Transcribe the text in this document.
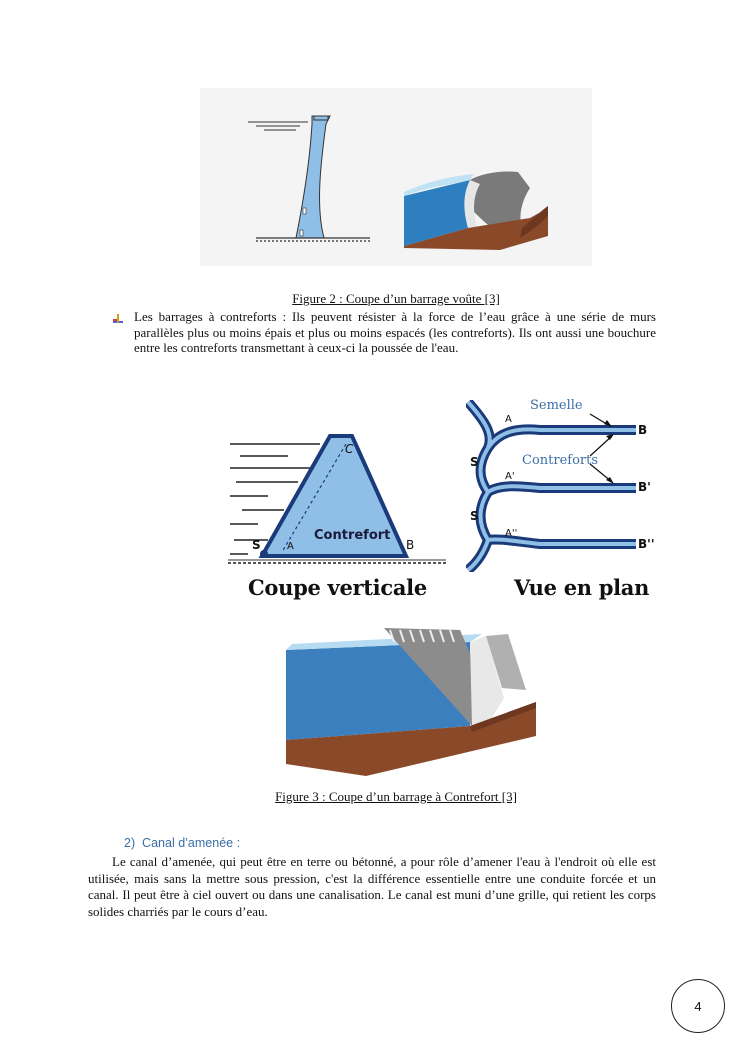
Figure 2 : Coupe d’un barrage voûte [3]
Les barrages à contreforts : Ils peuvent résister à la force de l’eau grâce à une série de murs parallèles plus ou moins épais et plus ou moins espacés (les contreforts). Ils ont aussi une bouchure entre les contreforts transmettant à ceux-ci la poussée de l'eau.
C
Contrefort
S	A	B
Coupe verticale
Semelle
Contreforts
A
A'
A''
S
S
B
B'
B''
Vue en plan
Figure 3 : Coupe d’un barrage à Contrefort [3]
2)  Canal d’amenée :
Le canal d’amenée, qui peut être en terre ou bétonné, a pour rôle d’amener l'eau à l'endroit où elle est utilisée, mais sans la mettre sous pression, c'est la différence essentielle entre une conduite forcée et un canal. Il peut être à ciel ouvert ou dans une canalisation. Le canal est muni d’une grille, qui retient les corps solides charriés par le cours d’eau.
4
